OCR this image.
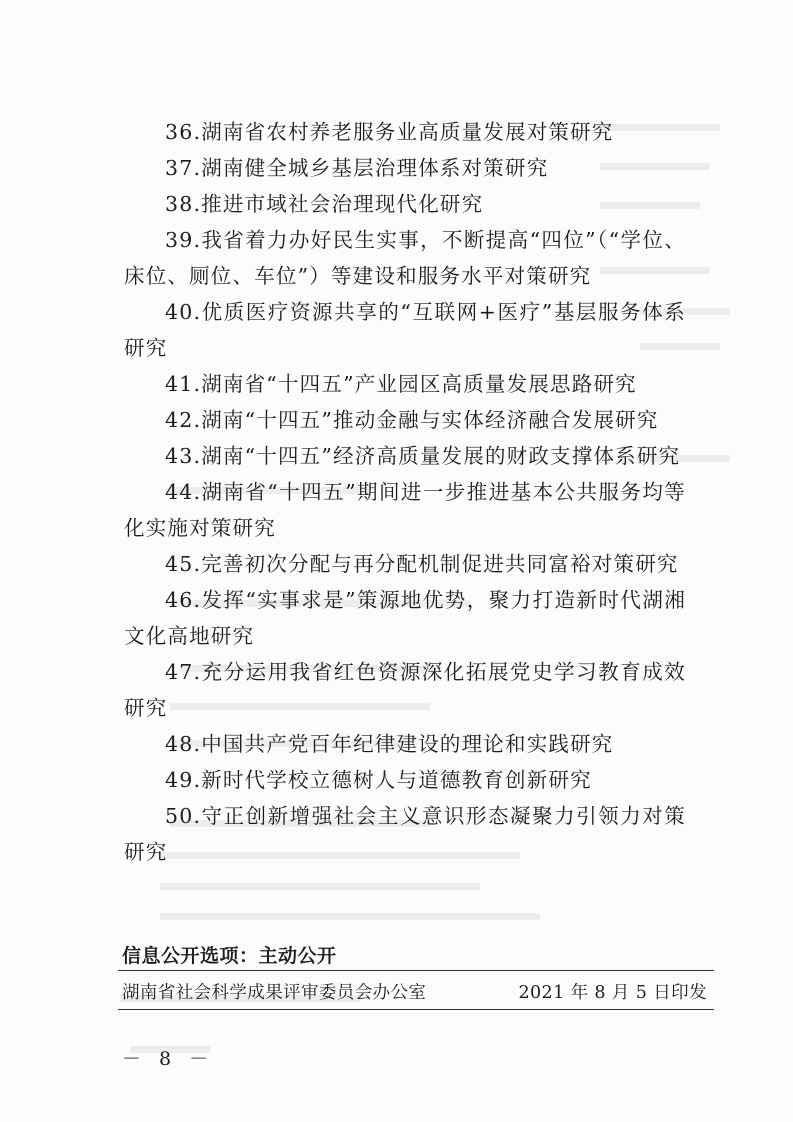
36.湖南省农村养老服务业高质量发展对策研究

37.湖南健全城乡基层治理体系对策研究

38.推进市域社会治理现代化研究

39.我省着力办好民生实事，不断提高“四位”（“学位、床位、厕位、车位”）等建设和服务水平对策研究

40.优质医疗资源共享的“互联网+医疗”基层服务体系研究

41.湖南省“十四五”产业园区高质量发展思路研究

42.湖南“十四五”推动金融与实体经济融合发展研究

43.湖南“十四五”经济高质量发展的财政支撑体系研究

44.湖南省“十四五”期间进一步推进基本公共服务均等化实施对策研究

45.完善初次分配与再分配机制促进共同富裕对策研究

46.发挥“实事求是”策源地优势，聚力打造新时代湖湘文化高地研究

47.充分运用我省红色资源深化拓展党史学习教育成效研究

48.中国共产党百年纪律建设的理论和实践研究

49.新时代学校立德树人与道德教育创新研究

50.守正创新增强社会主义意识形态凝聚力引领力对策研究

信息公开选项：主动公开
湖南省社会科学成果评审委员会办公室	2021 年 8 月 5 日印发
－ 8 －
